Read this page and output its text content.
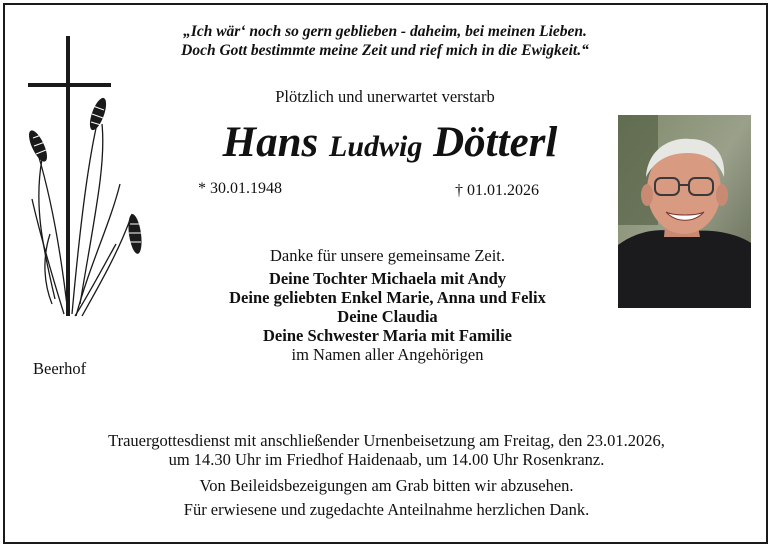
„Ich wär‘ noch so gern geblieben - daheim, bei meinen Lieben.
Doch Gott bestimmte meine Zeit und rief mich in die Ewigkeit.“
Plötzlich und unerwartet verstarb
Hans Ludwig Dötterl
* 30.01.1948	† 01.01.2026
Danke für unsere gemeinsame Zeit.
Deine Tochter Michaela mit Andy
Deine geliebten Enkel Marie, Anna und Felix
Deine Claudia
Deine Schwester Maria mit Familie
im Namen aller Angehörigen
Beerhof
Trauergottesdienst mit anschließender Urnenbeisetzung am Freitag, den 23.01.2026,
um 14.30 Uhr im Friedhof Haidenaab, um 14.00 Uhr Rosenkranz.
Von Beileidsbezeigungen am Grab bitten wir abzusehen.
Für erwiesene und zugedachte Anteilnahme herzlichen Dank.
